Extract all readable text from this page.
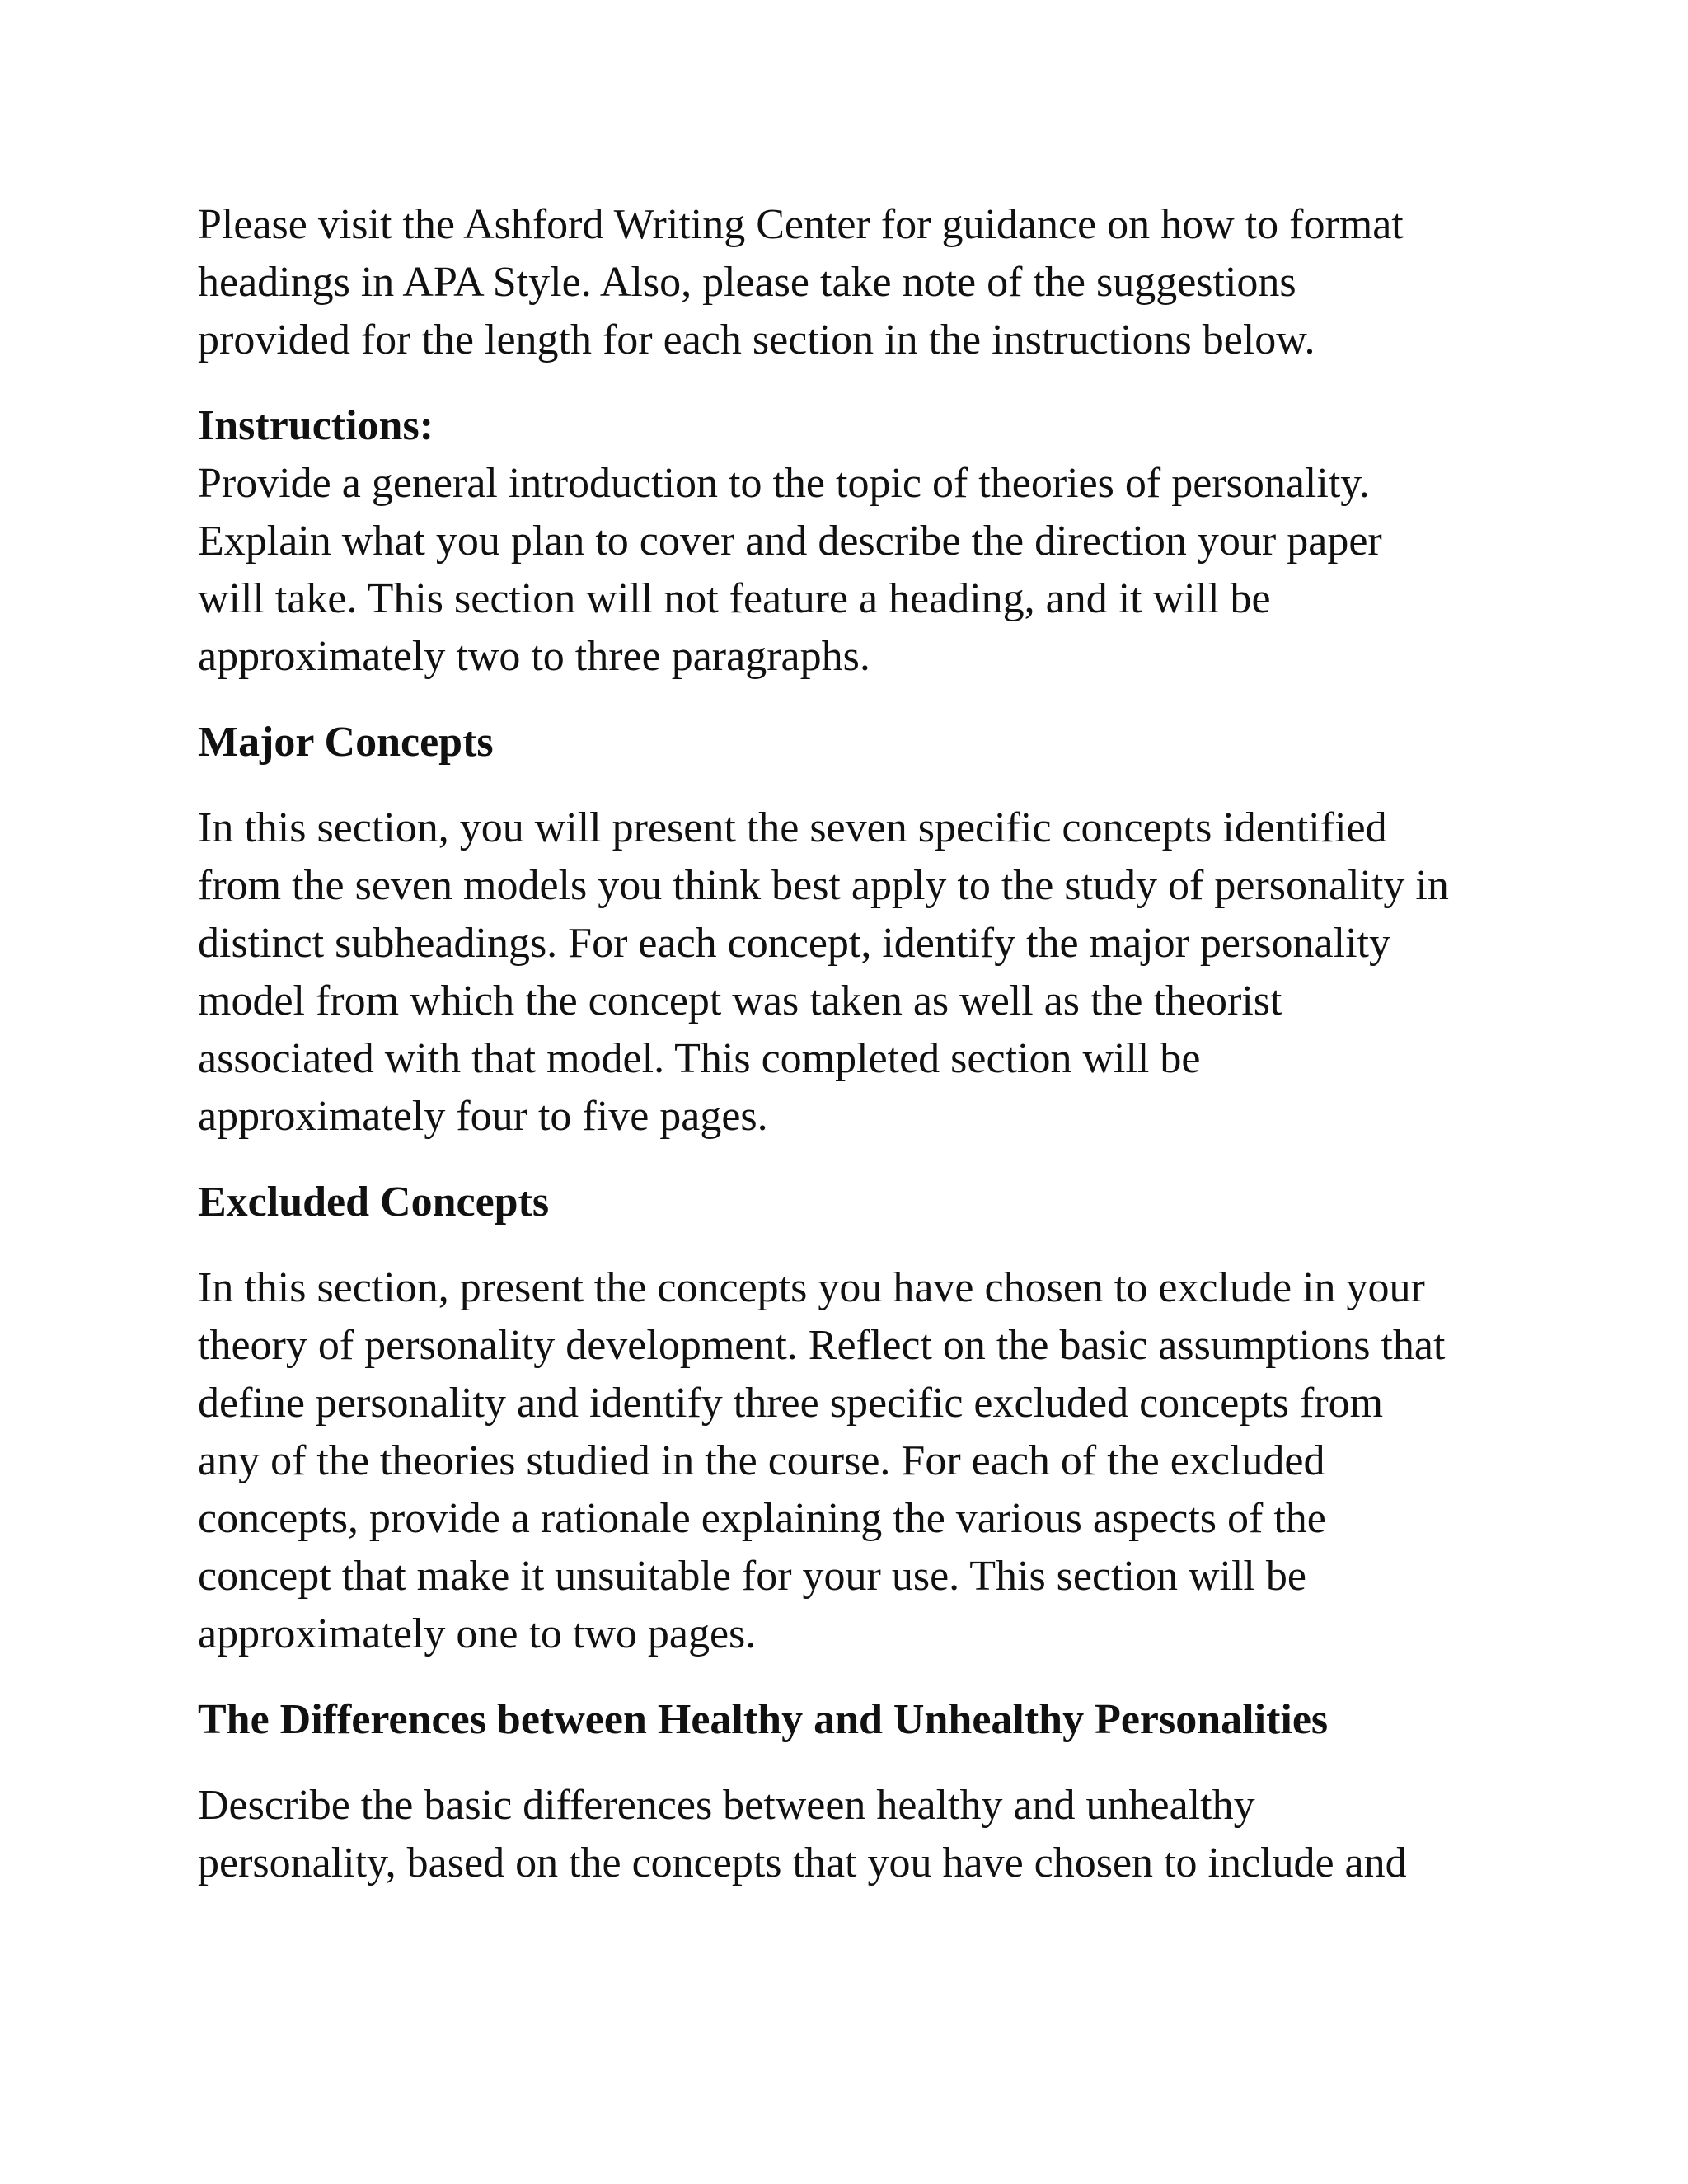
Please visit the Ashford Writing Center for guidance on how to format
headings in APA Style. Also, please take note of the suggestions
provided for the length for each section in the instructions below.

Instructions:

Provide a general introduction to the topic of theories of personality.
Explain what you plan to cover and describe the direction your paper
will take. This section will not feature a heading, and it will be
approximately two to three paragraphs.

Major Concepts

In this section, you will present the seven specific concepts identified
from the seven models you think best apply to the study of personality in
distinct subheadings. For each concept, identify the major personality
model from which the concept was taken as well as the theorist
associated with that model. This completed section will be
approximately four to five pages.

Excluded Concepts

In this section, present the concepts you have chosen to exclude in your
theory of personality development. Reflect on the basic assumptions that
define personality and identify three specific excluded concepts from
any of the theories studied in the course. For each of the excluded
concepts, provide a rationale explaining the various aspects of the
concept that make it unsuitable for your use. This section will be
approximately one to two pages.

The Differences between Healthy and Unhealthy Personalities

Describe the basic differences between healthy and unhealthy
personality, based on the concepts that you have chosen to include and
